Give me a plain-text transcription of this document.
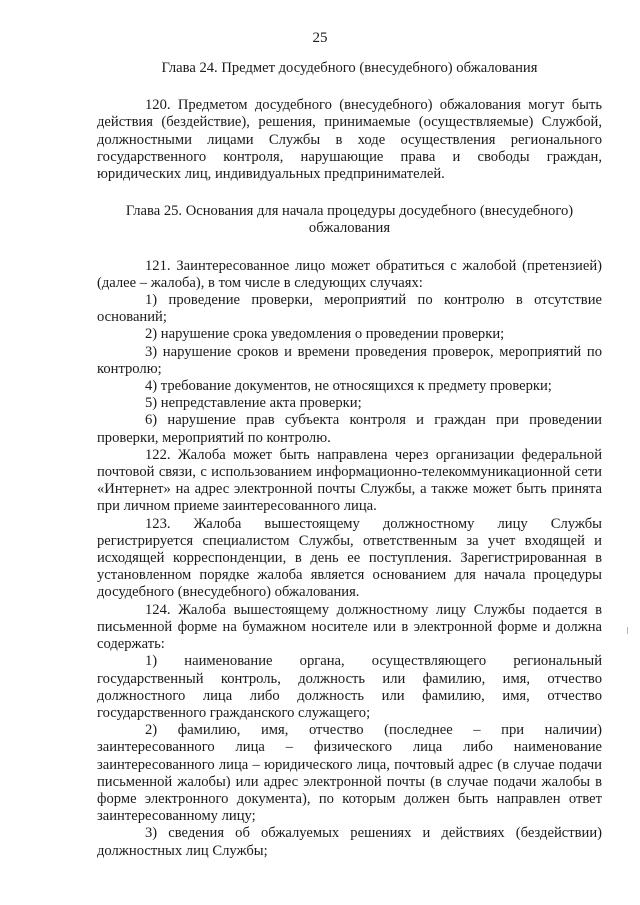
25

Глава 24. Предмет досудебного (внесудебного) обжалования

120. Предметом досудебного (внесудебного) обжалования могут быть действия (бездействие), решения, принимаемые (осуществляемые) Службой, должностными лицами Службы в ходе осуществления регионального государственного контроля, нарушающие права и свободы граждан, юридических лиц, индивидуальных предпринимателей.

Глава 25. Основания для начала процедуры досудебного (внесудебного) обжалования

121. Заинтересованное лицо может обратиться с жалобой (претензией) (далее – жалоба), в том числе в следующих случаях:

1) проведение проверки, мероприятий по контролю в отсутствие оснований;

2) нарушение срока уведомления о проведении проверки;

3) нарушение сроков и времени проведения проверок, мероприятий по контролю;

4) требование документов, не относящихся к предмету проверки;

5) непредставление акта проверки;

6) нарушение прав субъекта контроля и граждан при проведении проверки, мероприятий по контролю.

122. Жалоба может быть направлена через организации федеральной почтовой связи, с использованием информационно-телекоммуникационной сети «Интернет» на адрес электронной почты Службы, а также может быть принята при личном приеме заинтересованного лица.

123. Жалоба вышестоящему должностному лицу Службы регистрируется специалистом Службы, ответственным за учет входящей и исходящей корреспонденции, в день ее поступления. Зарегистрированная в установленном порядке жалоба является основанием для начала процедуры досудебного (внесудебного) обжалования.

124. Жалоба вышестоящему должностному лицу Службы подается в письменной форме на бумажном носителе или в электронной форме и должна содержать:

1) наименование органа, осуществляющего региональный государственный контроль, должность или фамилию, имя, отчество должностного лица либо должность или фамилию, имя, отчество государственного гражданского служащего;

2) фамилию, имя, отчество (последнее – при наличии) заинтересованного лица – физического лица либо наименование заинтересованного лица – юридического лица, почтовый адрес (в случае подачи письменной жалобы) или адрес электронной почты (в случае подачи жалобы в форме электронного документа), по которым должен быть направлен ответ заинтересованному лицу;

3) сведения об обжалуемых решениях и действиях (бездействии) должностных лиц Службы;
